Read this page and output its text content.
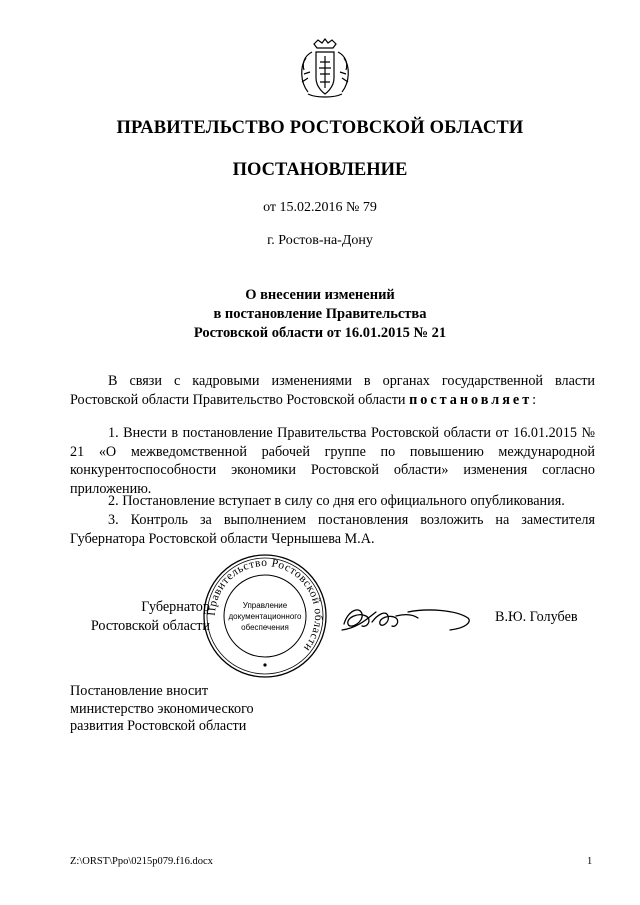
ПРАВИТЕЛЬСТВО РОСТОВСКОЙ ОБЛАСТИ
ПОСТАНОВЛЕНИЕ
от 15.02.2016 № 79
г. Ростов-на-Дону
О внесении изменений
в постановление Правительства
Ростовской области от 16.01.2015 № 21
В связи с кадровыми изменениями в органах государственной власти Ростовской области Правительство Ростовской области постановляет:
1. Внести в постановление Правительства Ростовской области от 16.01.2015 № 21 «О межведомственной рабочей группе по повышению международной конкурентоспособности экономики Ростовской области» изменения согласно приложению.
2. Постановление вступает в силу со дня его официального опубликования.
3. Контроль за выполнением постановления возложить на заместителя Губернатора Ростовской области Чернышева М.А.
Губернатор
Ростовской области
Правительство Ростовской области
Управление
документационного
обеспечения
В.Ю. Голубев
Постановление вносит
министерство экономического
развития Ростовской области
Z:\ORST\Ppo\0215p079.f16.docx	1
